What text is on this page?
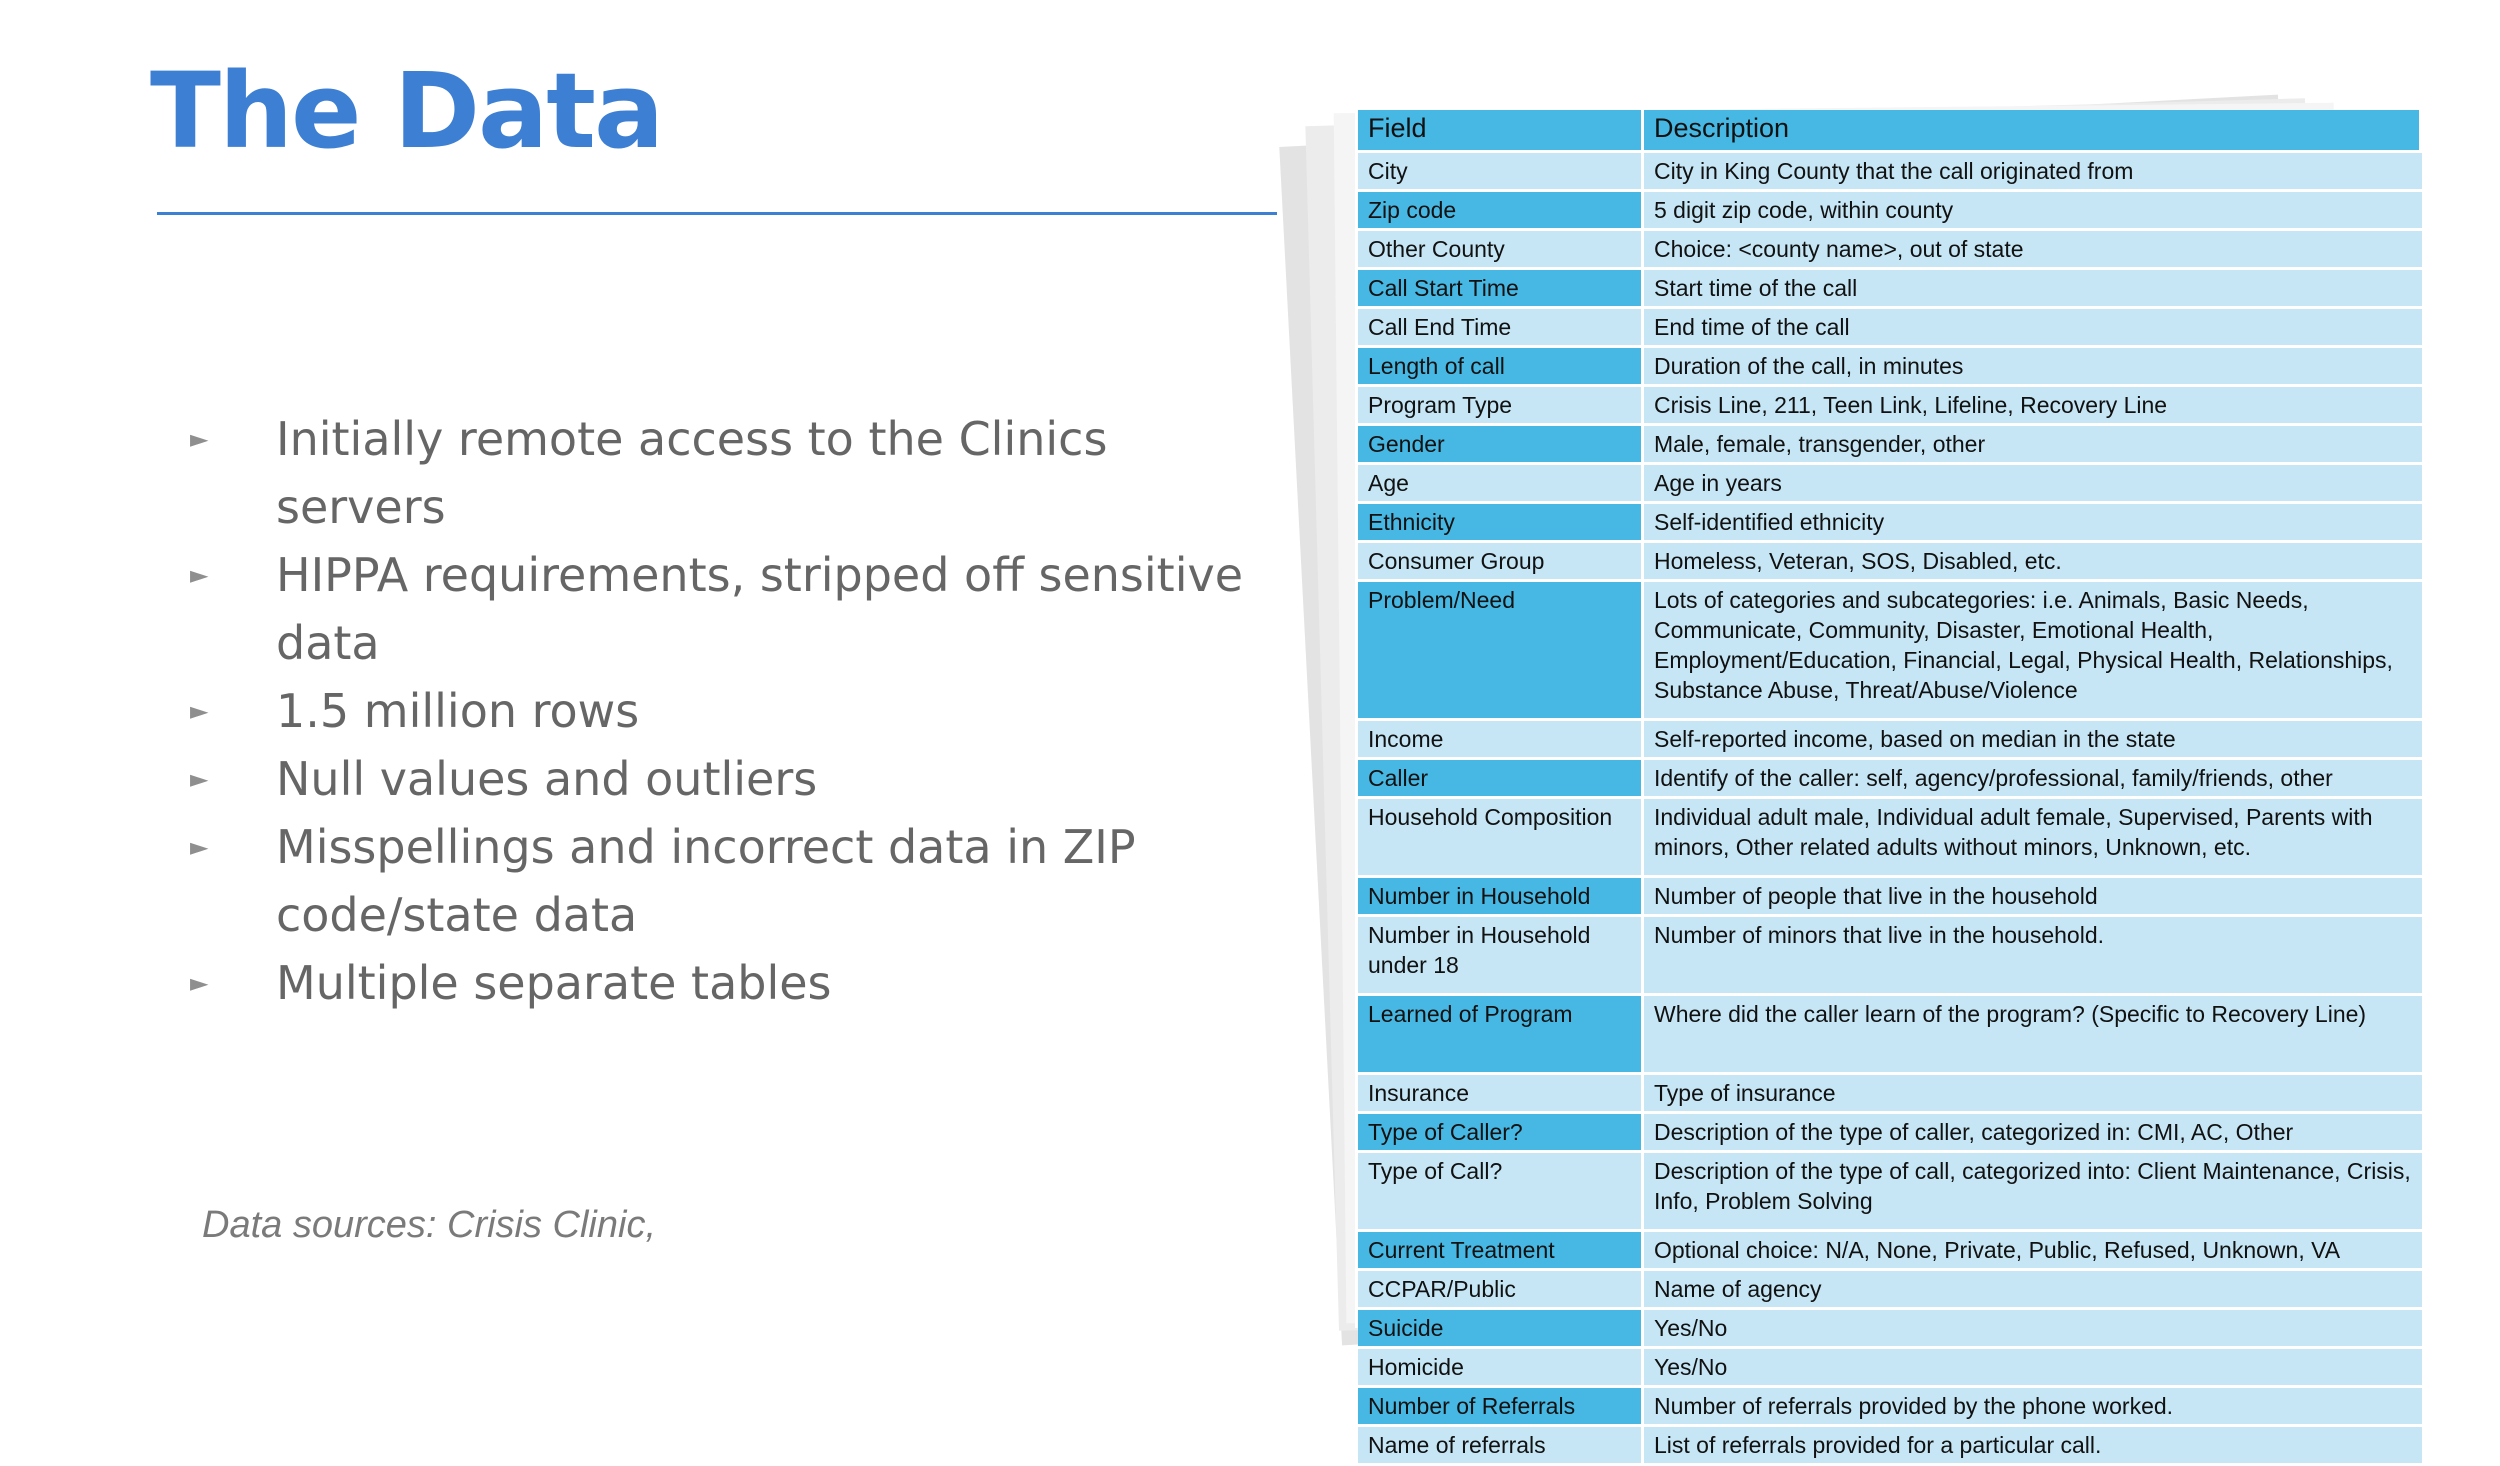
The Data
► Initially remote access to the Clinics servers
► HIPPA requirements, stripped off sensitive data
► 1.5 million rows
► Null values and outliers
► Misspellings and incorrect data in ZIP code/state data
► Multiple separate tables
Data sources: Crisis Clinic,
Field	Description
City	City in King County that the call originated from
Zip code	5 digit zip code, within county
Other County	Choice: <county name>, out of state
Call Start Time	Start time of the call
Call End Time	End time of the call
Length of call	Duration of the call, in minutes
Program Type	Crisis Line, 211, Teen Link, Lifeline, Recovery Line
Gender	Male, female, transgender, other
Age	Age in years
Ethnicity	Self-identified ethnicity
Consumer Group	Homeless, Veteran, SOS, Disabled, etc.
Problem/Need	Lots of categories and subcategories: i.e. Animals, Basic Needs, Communicate, Community, Disaster, Emotional Health, Employment/Education, Financial, Legal, Physical Health, Relationships, Substance Abuse, Threat/Abuse/Violence
Income	Self-reported income, based on median in the state
Caller	Identify of the caller: self, agency/professional, family/friends, other
Household Composition	Individual adult male, Individual adult female, Supervised, Parents with minors, Other related adults without minors, Unknown, etc.
Number in Household	Number of people that live in the household
Number in Household under 18	Number of minors that live in the household.
Learned of Program	Where did the caller learn of the program? (Specific to Recovery Line)
Insurance	Type of insurance
Type of Caller?	Description of the type of caller, categorized in: CMI, AC, Other
Type of Call?	Description of the type of call, categorized into: Client Maintenance, Crisis, Info, Problem Solving
Current Treatment	Optional choice: N/A, None, Private, Public, Refused, Unknown, VA
CCPAR/Public	Name of agency
Suicide	Yes/No
Homicide	Yes/No
Number of Referrals	Number of referrals provided by the phone worked.
Name of referrals	List of referrals provided for a particular call.
